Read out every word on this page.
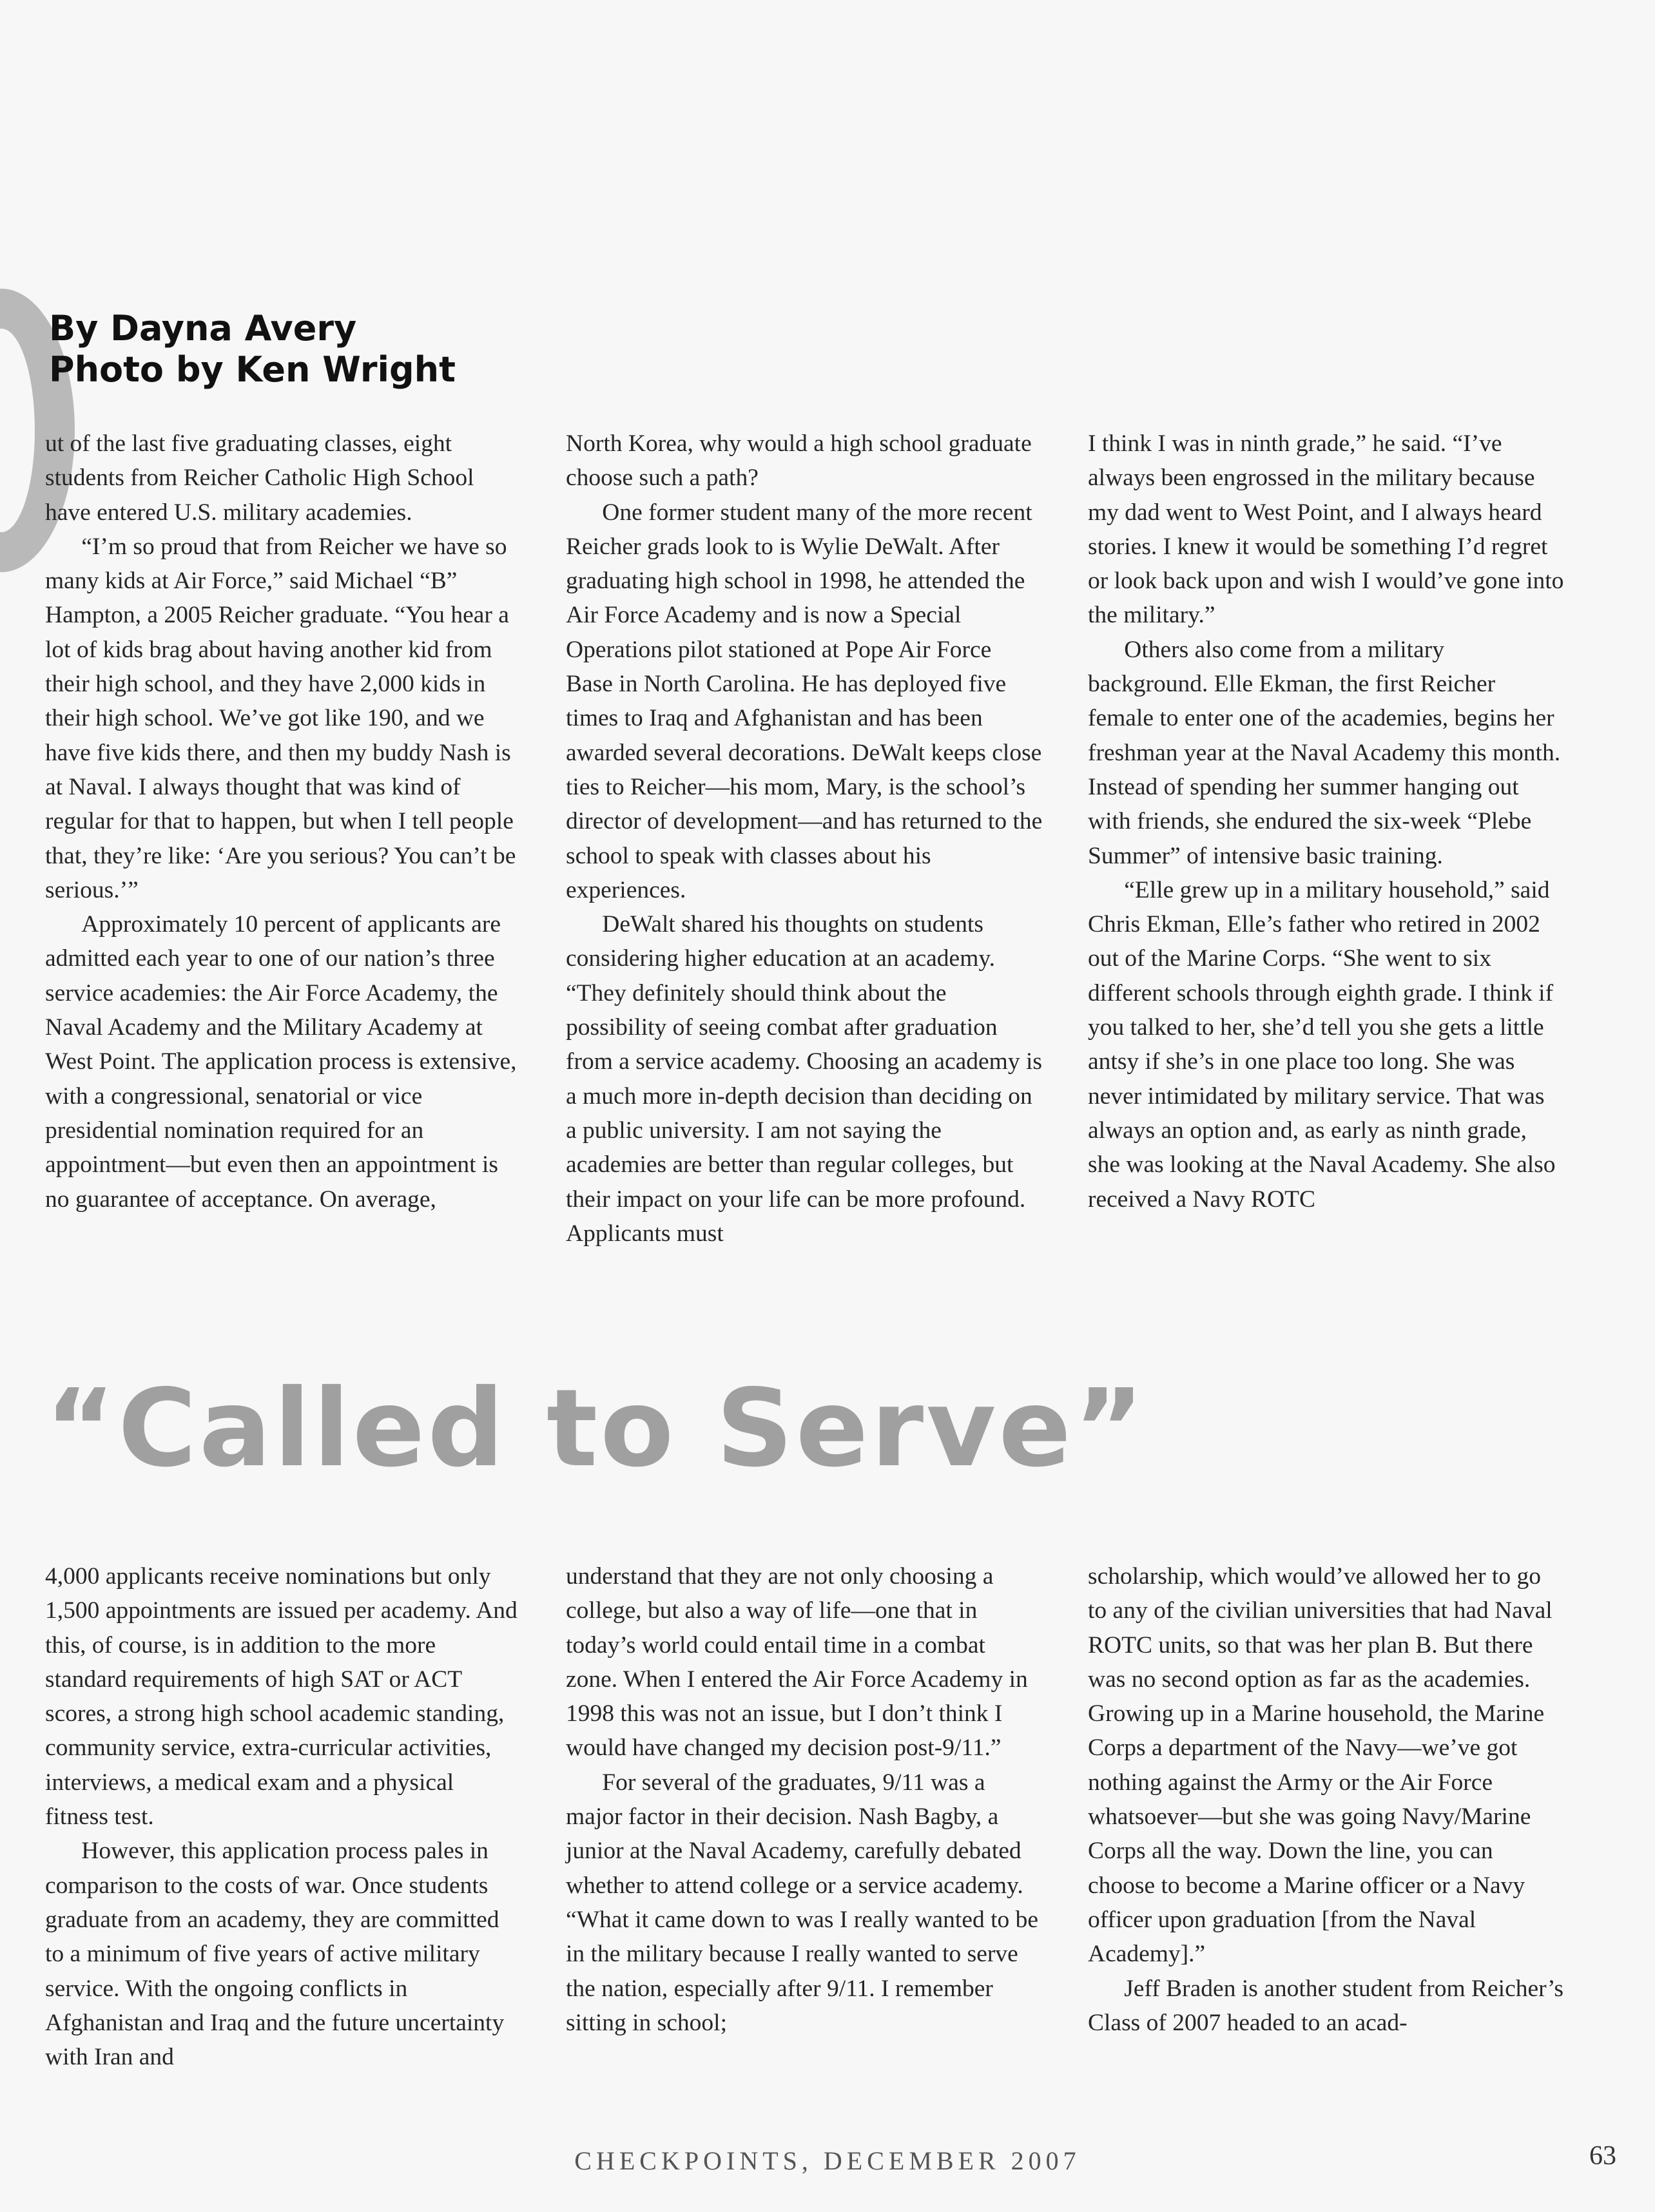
By Dayna Avery
Photo by Ken Wright

ut of the last five graduating classes, eight students from Reicher Catholic High School have entered U.S. military academies.

“I’m so proud that from Reicher we have so many kids at Air Force,” said Michael “B” Hampton, a 2005 Reicher graduate. “You hear a lot of kids brag about having another kid from their high school, and they have 2,000 kids in their high school. We’ve got like 190, and we have five kids there, and then my buddy Nash is at Naval. I always thought that was kind of regular for that to happen, but when I tell people that, they’re like: ‘Are you serious? You can’t be serious.’”

Approximately 10 percent of applicants are admitted each year to one of our nation’s three service academies: the Air Force Academy, the Naval Academy and the Military Academy at West Point. The application process is extensive, with a congressional, senatorial or vice presidential nomination required for an appointment—but even then an appointment is no guarantee of acceptance. On average,

North Korea, why would a high school graduate choose such a path?

One former student many of the more recent Reicher grads look to is Wylie DeWalt. After graduating high school in 1998, he attended the Air Force Academy and is now a Special Operations pilot stationed at Pope Air Force Base in North Carolina. He has deployed five times to Iraq and Afghanistan and has been awarded several decorations. DeWalt keeps close ties to Reicher—his mom, Mary, is the school’s director of development—and has returned to the school to speak with classes about his experiences.

DeWalt shared his thoughts on students considering higher education at an academy. “They definitely should think about the possibility of seeing combat after graduation from a service academy. Choosing an academy is a much more in-depth decision than deciding on a public university. I am not saying the academies are better than regular colleges, but their impact on your life can be more profound. Applicants must

I think I was in ninth grade,” he said. “I’ve always been engrossed in the military because my dad went to West Point, and I always heard stories. I knew it would be something I’d regret or look back upon and wish I would’ve gone into the military.”

Others also come from a military background. Elle Ekman, the first Reicher female to enter one of the academies, begins her freshman year at the Naval Academy this month. Instead of spending her summer hanging out with friends, she endured the six-week “Plebe Summer” of intensive basic training.

“Elle grew up in a military household,” said Chris Ekman, Elle’s father who retired in 2002 out of the Marine Corps. “She went to six different schools through eighth grade. I think if you talked to her, she’d tell you she gets a little antsy if she’s in one place too long. She was never intimidated by military service. That was always an option and, as early as ninth grade, she was looking at the Naval Academy. She also received a Navy ROTC

“Called to Serve”

4,000 applicants receive nominations but only 1,500 appointments are issued per academy. And this, of course, is in addition to the more standard requirements of high SAT or ACT scores, a strong high school academic standing, community service, extra-curricular activities, interviews, a medical exam and a physical fitness test.

However, this application process pales in comparison to the costs of war. Once students graduate from an academy, they are committed to a minimum of five years of active military service. With the ongoing conflicts in Afghanistan and Iraq and the future uncertainty with Iran and

understand that they are not only choosing a college, but also a way of life—one that in today’s world could entail time in a combat zone. When I entered the Air Force Academy in 1998 this was not an issue, but I don’t think I would have changed my decision post-9/11.”

For several of the graduates, 9/11 was a major factor in their decision. Nash Bagby, a junior at the Naval Academy, carefully debated whether to attend college or a service academy. “What it came down to was I really wanted to be in the military because I really wanted to serve the nation, especially after 9/11. I remember sitting in school;

scholarship, which would’ve allowed her to go to any of the civilian universities that had Naval ROTC units, so that was her plan B. But there was no second option as far as the academies. Growing up in a Marine household, the Marine Corps a department of the Navy—we’ve got nothing against the Army or the Air Force whatsoever—but she was going Navy/Marine Corps all the way. Down the line, you can choose to become a Marine officer or a Navy officer upon graduation [from the Naval Academy].”

Jeff Braden is another student from Reicher’s Class of 2007 headed to an acad-

CHECKPOINTS, DECEMBER 2007	63
